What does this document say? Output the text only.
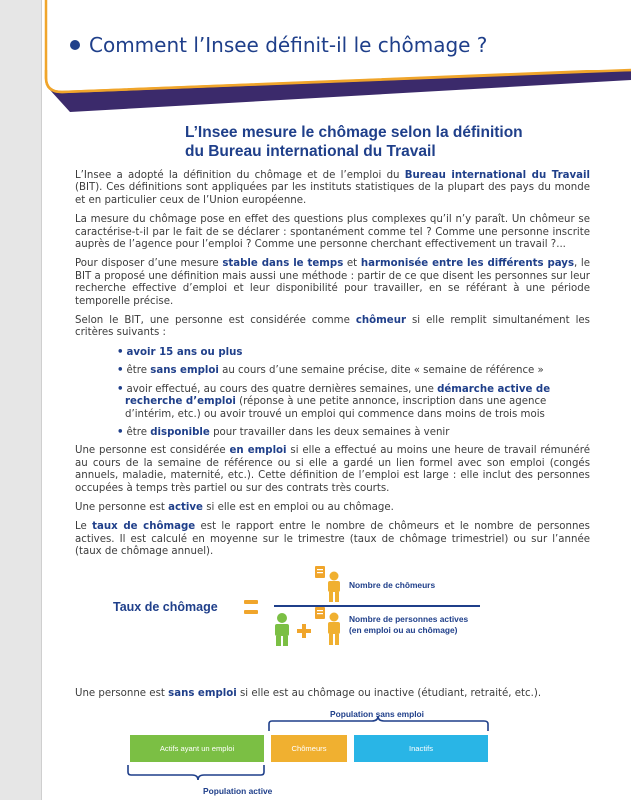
Comment l’Insee définit-il le chômage ?
L’Insee mesure le chômage selon la définition
du Bureau international du Travail

L’Insee a adopté la définition du chômage et de l’emploi du Bureau international du Travail (BIT). Ces définitions sont appliquées par les instituts statistiques de la plupart des pays du monde et en particulier ceux de l’Union européenne.

La mesure du chômage pose en effet des questions plus complexes qu’il n’y paraît. Un chômeur se caractérise-t-il par le fait de se déclarer : spontanément comme tel ? Comme une personne inscrite auprès de l’agence pour l’emploi ? Comme une personne cherchant effectivement un travail ?...

Pour disposer d’une mesure stable dans le temps et harmonisée entre les différents pays, le BIT a proposé une définition mais aussi une méthode : partir de ce que disent les personnes sur leur recherche effective d’emploi et leur disponibilité pour travailler, en se référant à une période temporelle précise.

Selon le BIT, une personne est considérée comme chômeur si elle remplit simultanément les critères suivants :

• avoir 15 ans ou plus
• être sans emploi au cours d’une semaine précise, dite « semaine de référence »
• avoir effectué, au cours des quatre dernières semaines, une démarche active de recherche d’emploi (réponse à une petite annonce, inscription dans une agence d’intérim, etc.) ou avoir trouvé un emploi qui commence dans moins de trois mois
• être disponible pour travailler dans les deux semaines à venir

Une personne est considérée en emploi si elle a effectué au moins une heure de travail rémunéré au cours de la semaine de référence ou si elle a gardé un lien formel avec son emploi (congés annuels, maladie, maternité, etc.). Cette définition de l’emploi est large : elle inclut des personnes occupées à temps très partiel ou sur des contrats très courts.

Une personne est active si elle est en emploi ou au chômage.

Le taux de chômage est le rapport entre le nombre de chômeurs et le nombre de personnes actives. Il est calculé en moyenne sur le trimestre (taux de chômage trimestriel) ou sur l’année (taux de chômage annuel).

Taux de chômage
Nombre de chômeurs
Nombre de personnes actives
(en emploi ou au chômage)
Une personne est sans emploi si elle est au chômage ou inactive (étudiant, retraité, etc.).
Population sans emploi
Actifs ayant un emploi	Chômeurs	Inactifs
Population active
